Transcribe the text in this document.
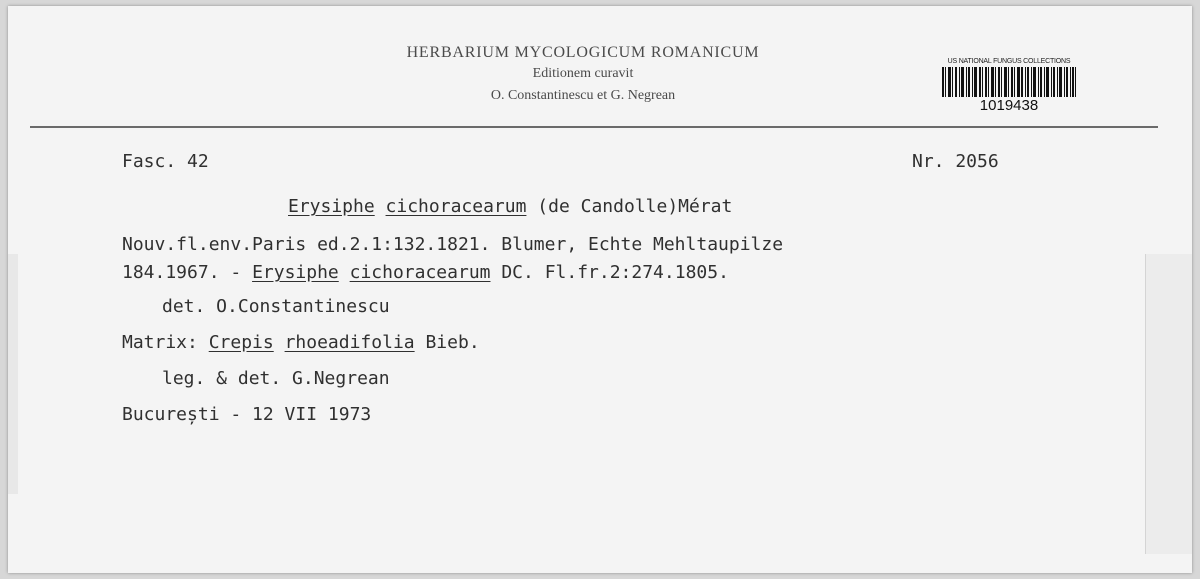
HERBARIUM MYCOLOGICUM ROMANICUM
Editionem curavit
O. Constantinescu et G. Negrean
US NATIONAL FUNGUS COLLECTIONS
1019438
Fasc. 42	Nr. 2056
Erysiphe cichoracearum (de Candolle)Mérat
Nouv.fl.env.Paris ed.2.1:132.1821. Blumer, Echte Mehltaupilze
184.1967. - Erysiphe cichoracearum DC. Fl.fr.2:274.1805.
det. O.Constantinescu
Matrix: Crepis rhoeadifolia Bieb.
leg. & det. G.Negrean
București - 12 VII 1973
